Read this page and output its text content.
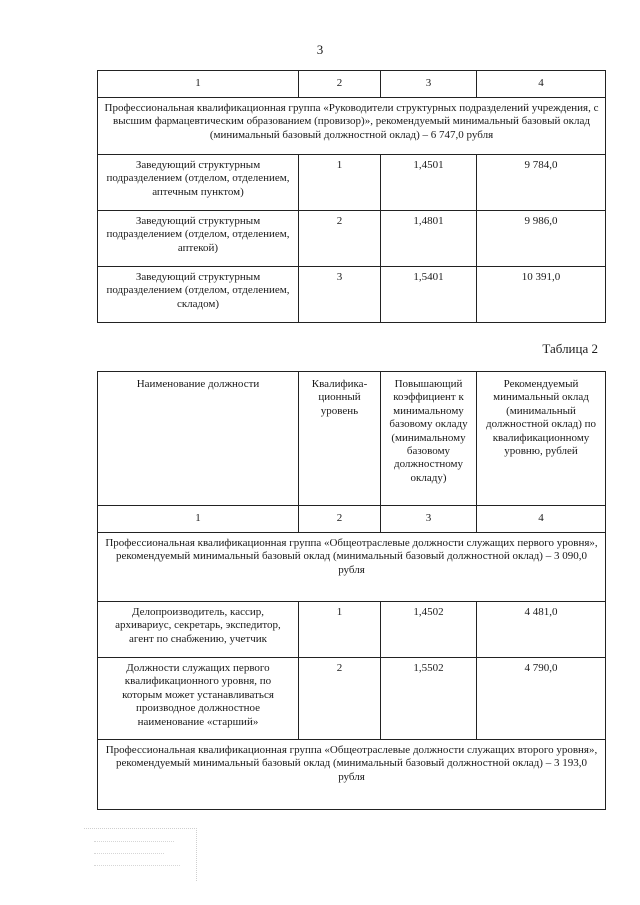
3
1	2	3	4
Профессиональная квалификационная группа «Руководители структурных подразделений учреждения, с высшим фармацевтическим образованием (провизор)», рекомендуемый минимальный базовый оклад (минимальный базовый должностной оклад) – 6 747,0 рубля			
Заведующий структурным подразделением (отделом, отделением, аптечным пунктом)	1	1,4501	9 784,0
Заведующий структурным подразделением (отделом, отделением, аптекой)	2	1,4801	9 986,0
Заведующий структурным подразделением (отделом, отделением, складом)	3	1,5401	10 391,0
Таблица 2
Наименование должности	Квалифика-ционный уровень	Повышающий коэффициент к минимальному базовому окладу (минимальному базовому должностному окладу)	Рекомендуемый минимальный оклад (минимальный должностной оклад) по квалификационному уровню, рублей
1	2	3	4
Профессиональная квалификационная группа «Общеотраслевые должности служащих первого уровня», рекомендуемый минимальный базовый оклад (минимальный базовый должностной оклад) – 3 090,0 рубля			
Делопроизводитель, кассир, архивариус, секретарь, экспедитор, агент по снабжению, учетчик	1	1,4502	4 481,0
Должности служащих первого квалификационного уровня, по которым может устанавливаться производное должностное наименование «старший»	2	1,5502	4 790,0
Профессиональная квалификационная группа «Общеотраслевые должности служащих второго уровня», рекомендуемый минимальный базовый оклад (минимальный базовый должностной оклад) – 3 193,0 рубля			
